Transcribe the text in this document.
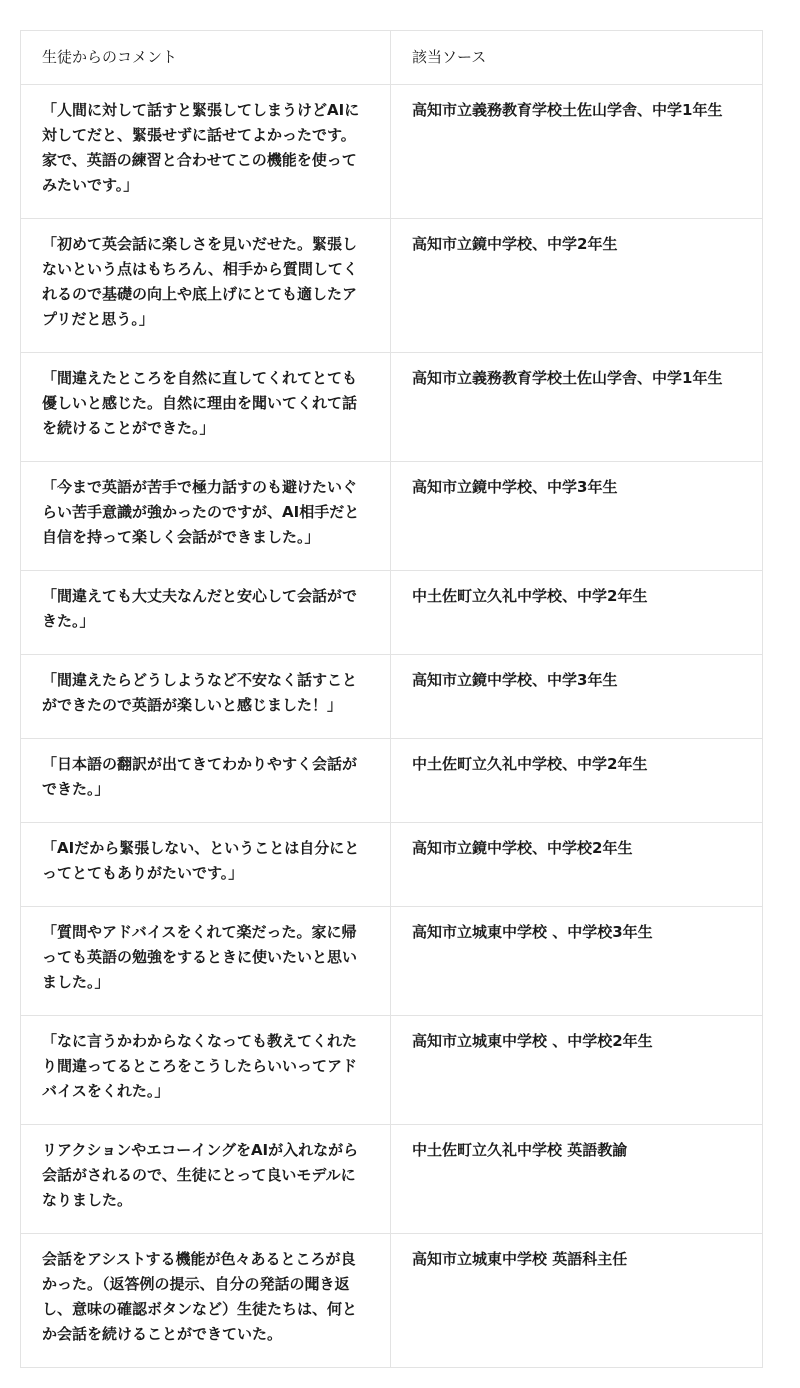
生徒からのコメント	該当ソース
「人間に対して話すと緊張してしまうけどAIに対してだと、緊張せずに話せてよかったです。家で、英語の練習と合わせてこの機能を使ってみたいです。」	高知市立義務教育学校土佐山学舎、中学1年生
「初めて英会話に楽しさを見いだせた。緊張しないという点はもちろん、相手から質問してくれるので基礎の向上や底上げにとても適したアプリだと思う。」	高知市立鏡中学校、中学2年生
「間違えたところを自然に直してくれてとても優しいと感じた。自然に理由を聞いてくれて話を続けることができた。」	高知市立義務教育学校土佐山学舎、中学1年生
「今まで英語が苦手で極力話すのも避けたいぐらい苦手意識が強かったのですが、AI相手だと自信を持って楽しく会話ができました。」	高知市立鏡中学校、中学3年生
「間違えても大丈夫なんだと安心して会話ができた。」	中土佐町立久礼中学校、中学2年生
「間違えたらどうしようなど不安なく話すことができたので英語が楽しいと感じました！」	高知市立鏡中学校、中学3年生
「日本語の翻訳が出てきてわかりやすく会話ができた。」	中土佐町立久礼中学校、中学2年生
「AIだから緊張しない、ということは自分にとってとてもありがたいです。」	高知市立鏡中学校、中学校2年生
「質問やアドバイスをくれて楽だった。家に帰っても英語の勉強をするときに使いたいと思いました。」	高知市立城東中学校 、中学校3年生
「なに言うかわからなくなっても教えてくれたり間違ってるところをこうしたらいいってアドバイスをくれた。」	高知市立城東中学校 、中学校2年生
リアクションやエコーイングをAIが入れながら会話がされるので、生徒にとって良いモデルになりました。	中土佐町立久礼中学校 英語教諭
会話をアシストする機能が色々あるところが良かった。（返答例の提示、自分の発話の聞き返し、意味の確認ボタンなど）生徒たちは、何とか会話を続けることができていた。	高知市立城東中学校 英語科主任
